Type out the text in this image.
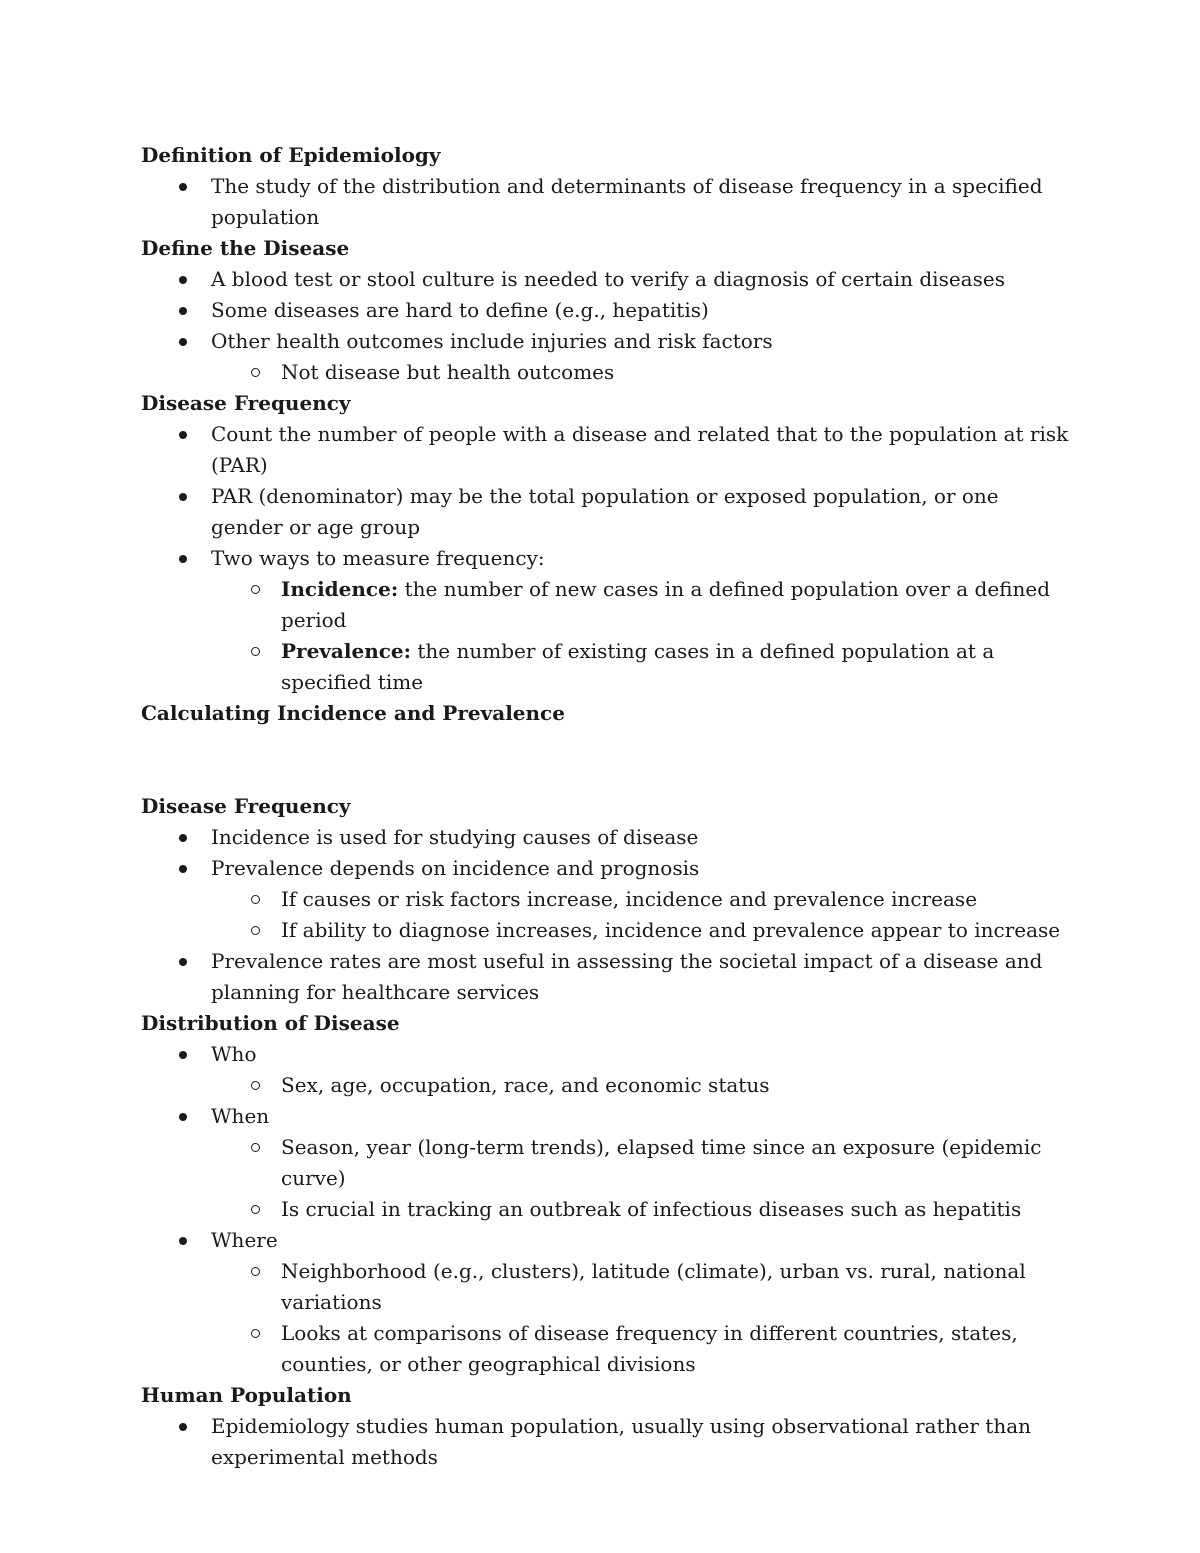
Definition of Epidemiology

The study of the distribution and determinants of disease frequency in a specified population

Define the Disease

A blood test or stool culture is needed to verify a diagnosis of certain diseases
Some diseases are hard to define (e.g., hepatitis)
Other health outcomes include injuries and risk factors
Not disease but health outcomes

Disease Frequency

Count the number of people with a disease and related that to the population at risk (PAR)
PAR (denominator) may be the total population or exposed population, or one gender or age group
Two ways to measure frequency:
Incidence: the number of new cases in a defined population over a defined period
Prevalence: the number of existing cases in a defined population at a specified time

Calculating Incidence and Prevalence

Disease Frequency

Incidence is used for studying causes of disease
Prevalence depends on incidence and prognosis
If causes or risk factors increase, incidence and prevalence increase
If ability to diagnose increases, incidence and prevalence appear to increase
Prevalence rates are most useful in assessing the societal impact of a disease and planning for healthcare services

Distribution of Disease

Who
Sex, age, occupation, race, and economic status
When
Season, year (long-term trends), elapsed time since an exposure (epidemic curve)
Is crucial in tracking an outbreak of infectious diseases such as hepatitis
Where
Neighborhood (e.g., clusters), latitude (climate), urban vs. rural, national variations
Looks at comparisons of disease frequency in different countries, states, counties, or other geographical divisions

Human Population

Epidemiology studies human population, usually using observational rather than experimental methods
